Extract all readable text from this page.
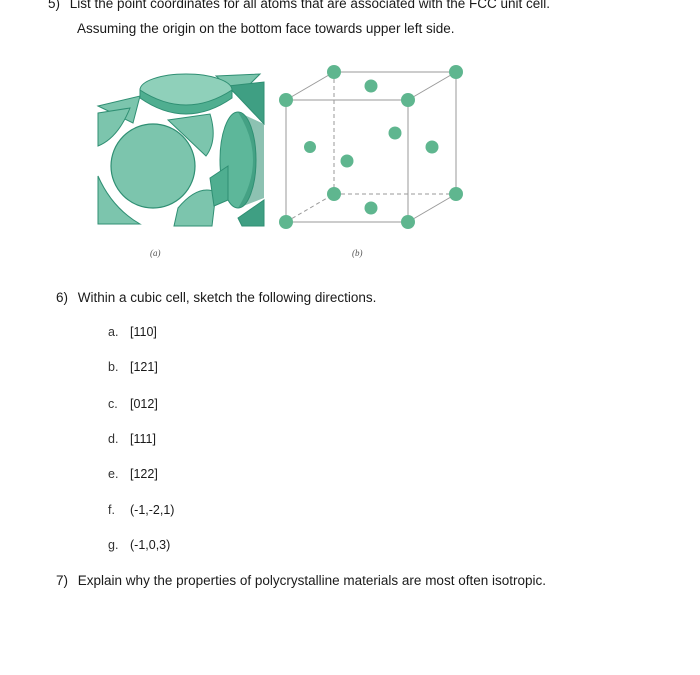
5) List the point coordinates for all atoms that are associated with the FCC unit cell.
Assuming the origin on the bottom face towards upper left side.
(a)	(b)
6) Within a cubic cell, sketch the following directions.
a. [110]
b. [121]
c. [012]
d. [111]
e. [122]
f. (-1,-2,1)
g. (-1,0,3)
7) Explain why the properties of polycrystalline materials are most often isotropic.
